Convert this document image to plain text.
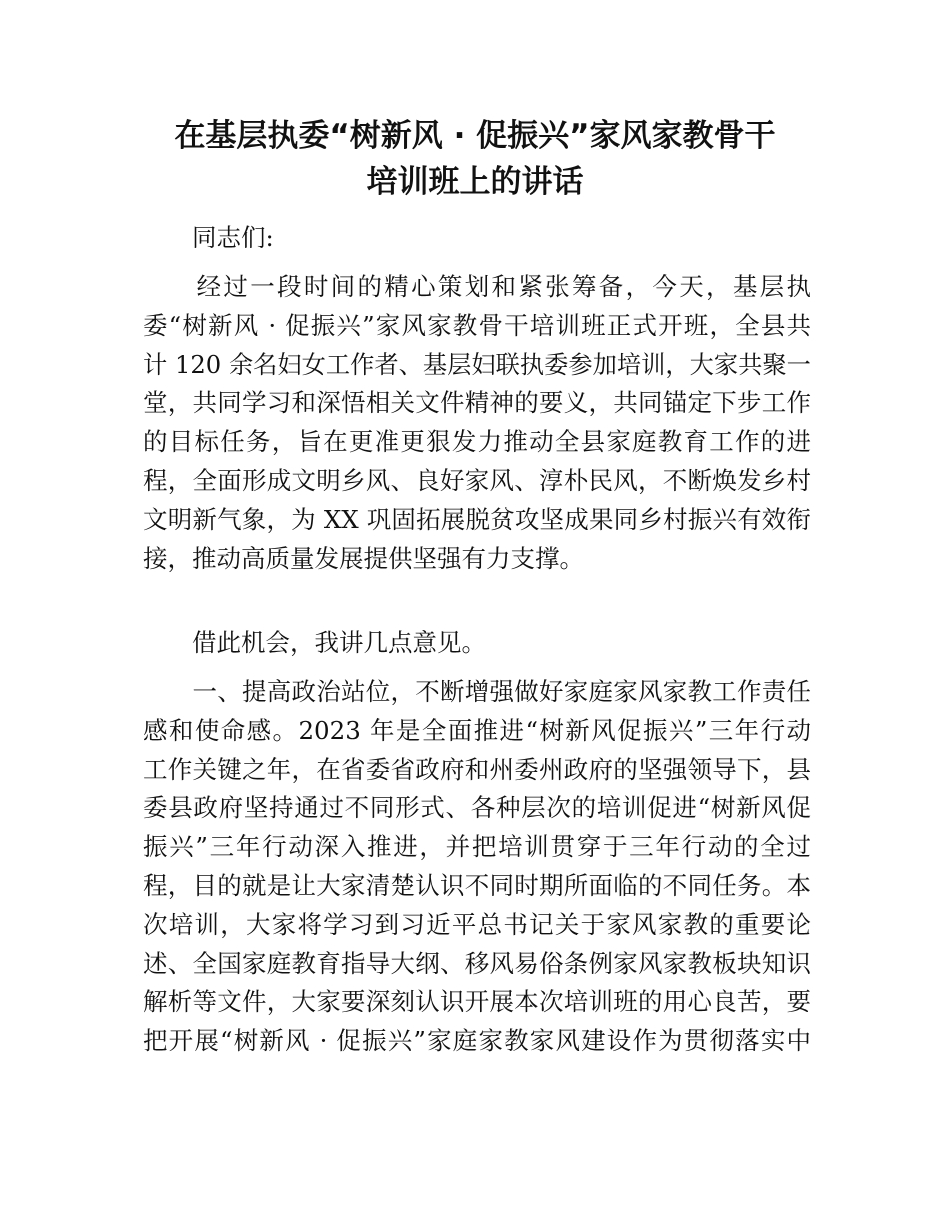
在基层执委“树新风 · 促振兴”家风家教骨干
培训班上的讲话
　　同志们:
　　经过一段时间的精心策划和紧张筹备，今天，基层执
委“树新风 · 促振兴”家风家教骨干培训班正式开班，全县共
计 120 余名妇女工作者、基层妇联执委参加培训，大家共聚一
堂，共同学习和深悟相关文件精神的要义，共同锚定下步工作
的目标任务，旨在更准更狠发力推动全县家庭教育工作的进
程，全面形成文明乡风、良好家风、淳朴民风，不断焕发乡村
文明新气象，为 XX 巩固拓展脱贫攻坚成果同乡村振兴有效衔
接，推动高质量发展提供坚强有力支撑。
　　借此机会，我讲几点意见。
　　一、提高政治站位，不断增强做好家庭家风家教工作责任
感和使命感。2023 年是全面推进“树新风促振兴”三年行动
工作关键之年，在省委省政府和州委州政府的坚强领导下，县
委县政府坚持通过不同形式、各种层次的培训促进“树新风促
振兴”三年行动深入推进，并把培训贯穿于三年行动的全过
程，目的就是让大家清楚认识不同时期所面临的不同任务。本
次培训，大家将学习到习近平总书记关于家风家教的重要论
述、全国家庭教育指导大纲、移风易俗条例家风家教板块知识
解析等文件，大家要深刻认识开展本次培训班的用心良苦，要
把开展“树新风 · 促振兴”家庭家教家风建设作为贯彻落实中
